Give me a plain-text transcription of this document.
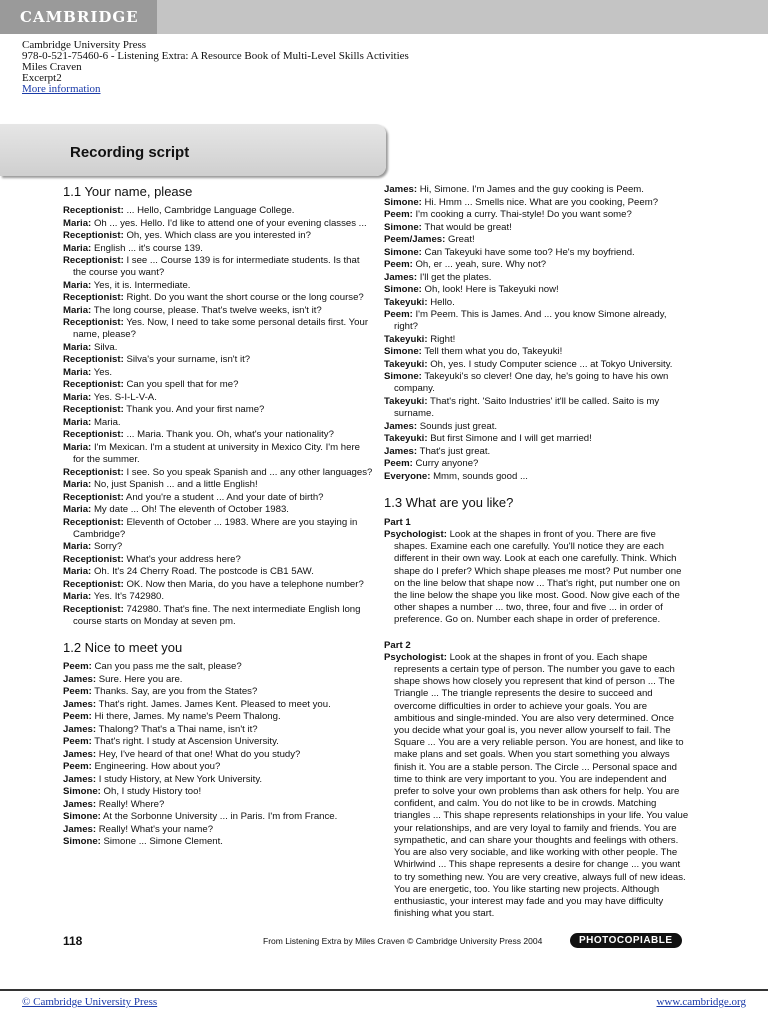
CAMBRIDGE
Cambridge University Press
978-0-521-75460-6 - Listening Extra: A Resource Book of Multi-Level Skills Activities
Miles Craven
Excerpt2
More information
Recording script
1.1 Your name, please
Receptionist: ... Hello, Cambridge Language College.
Maria: Oh ... yes. Hello. I'd like to attend one of your evening classes ...
Receptionist: Oh, yes. Which class are you interested in?
Maria: English ... it's course 139.
Receptionist: I see ... Course 139 is for intermediate students. Is that the course you want?
Maria: Yes, it is. Intermediate.
Receptionist: Right. Do you want the short course or the long course?
Maria: The long course, please. That's twelve weeks, isn't it?
Receptionist: Yes. Now, I need to take some personal details first. Your name, please?
Maria: Silva.
Receptionist: Silva's your surname, isn't it?
Maria: Yes.
Receptionist: Can you spell that for me?
Maria: Yes. S-I-L-V-A.
Receptionist: Thank you. And your first name?
Maria: Maria.
Receptionist: ... Maria. Thank you. Oh, what's your nationality?
Maria: I'm Mexican. I'm a student at university in Mexico City. I'm here for the summer.
Receptionist: I see. So you speak Spanish and ... any other languages?
Maria: No, just Spanish ... and a little English!
Receptionist: And you're a student ... And your date of birth?
Maria: My date ... Oh! The eleventh of October 1983.
Receptionist: Eleventh of October ... 1983. Where are you staying in Cambridge?
Maria: Sorry?
Receptionist: What's your address here?
Maria: Oh. It's 24 Cherry Road. The postcode is CB1 5AW.
Receptionist: OK. Now then Maria, do you have a telephone number?
Maria: Yes. It's 742980.
Receptionist: 742980. That's fine. The next intermediate English long course starts on Monday at seven pm.
1.2 Nice to meet you
Peem: Can you pass me the salt, please?
James: Sure. Here you are.
Peem: Thanks. Say, are you from the States?
James: That's right. James. James Kent. Pleased to meet you.
Peem: Hi there, James. My name's Peem Thalong.
James: Thalong? That's a Thai name, isn't it?
Peem: That's right. I study at Ascension University.
James: Hey, I've heard of that one! What do you study?
Peem: Engineering. How about you?
James: I study History, at New York University.
Simone: Oh, I study History too!
James: Really! Where?
Simone: At the Sorbonne University ... in Paris. I'm from France.
James: Really! What's your name?
Simone: Simone ... Simone Clement.
James: Hi, Simone. I'm James and the guy cooking is Peem.
Simone: Hi. Hmm ... Smells nice. What are you cooking, Peem?
Peem: I'm cooking a curry. Thai-style! Do you want some?
Simone: That would be great!
Peem/James: Great!
Simone: Can Takeyuki have some too? He's my boyfriend.
Peem: Oh, er ... yeah, sure. Why not?
James: I'll get the plates.
Simone: Oh, look! Here is Takeyuki now!
Takeyuki: Hello.
Peem: I'm Peem. This is James. And ... you know Simone already, right?
Takeyuki: Right!
Simone: Tell them what you do, Takeyuki!
Takeyuki: Oh, yes. I study Computer science ... at Tokyo University.
Simone: Takeyuki's so clever! One day, he's going to have his own company.
Takeyuki: That's right. 'Saito Industries' it'll be called. Saito is my surname.
James: Sounds just great.
Takeyuki: But first Simone and I will get married!
James: That's just great.
Peem: Curry anyone?
Everyone: Mmm, sounds good ...
1.3 What are you like?
Part 1
Psychologist: Look at the shapes in front of you. There are five shapes. Examine each one carefully. You'll notice they are each different in their own way. Look at each one carefully. Think. Which shape do I prefer? Which shape pleases me most? Put number one on the line below that shape now ... That's right, put number one on the line below the shape you like most. Good. Now give each of the other shapes a number ... two, three, four and five ... in order of preference. Go on. Number each shape in order of preference.
Part 2
Psychologist: Look at the shapes in front of you. Each shape represents a certain type of person. The number you gave to each shape shows how closely you represent that kind of person ... The Triangle ... The triangle represents the desire to succeed and overcome difficulties in order to achieve your goals. You are ambitious and single-minded. You are also very determined. Once you decide what your goal is, you never allow yourself to fail. The Square ... You are a very reliable person. You are honest, and like to make plans and set goals. When you start something you always finish it. You are a stable person. The Circle ... Personal space and time to think are very important to you. You are independent and prefer to solve your own problems than ask others for help. You are confident, and calm. You do not like to be in crowds. Matching triangles ... This shape represents relationships in your life. You value your relationships, and are very loyal to family and friends. You are sympathetic, and can share your thoughts and feelings with others. You are also very sociable, and like working with other people. The Whirlwind ... This shape represents a desire for change ... you want to try something new. You are very creative, always full of new ideas. You are energetic, too. You like starting new projects. Although enthusiastic, your interest may fade and you may have difficulty finishing what you start.
118	From Listening Extra by Miles Craven © Cambridge University Press 2004	PHOTOCOPIABLE
© Cambridge University Press	www.cambridge.org
